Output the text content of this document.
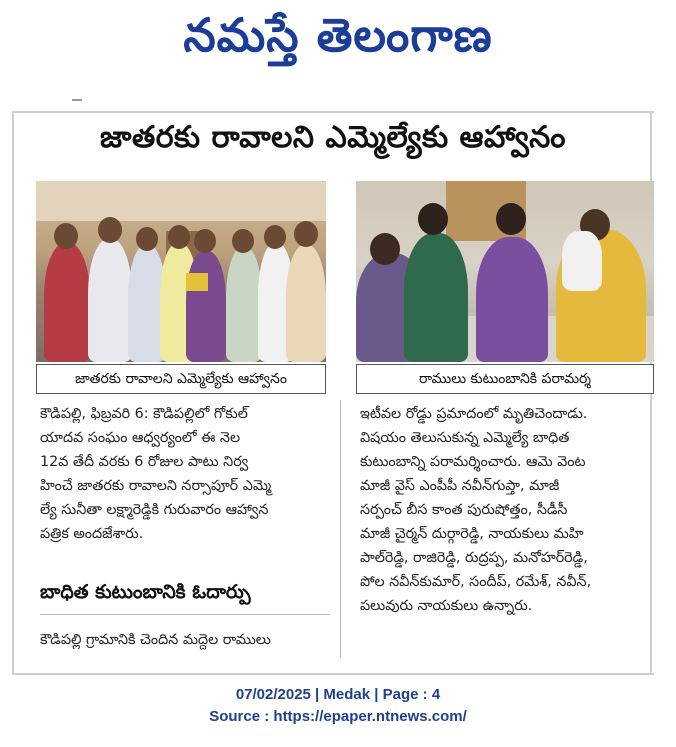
నమస్తే తెలంగాణ
జాతరకు రావాలని ఎమ్మెల్యేకు ఆహ్వానం
జాతరకు రావాలని ఎమ్మెల్యేకు ఆహ్వానం	రాములు కుటుంబానికి పరామర్శ
కౌడిపల్లి, ఫిబ్రవరి 6: కౌడిపల్లిలో గోకుల్
యాదవ సంఘం ఆధ్వర్యంలో ఈ నెల
12వ తేదీ వరకు 6 రోజుల పాటు నిర్వ
హించే జాతరకు రావాలని నర్సాపూర్ ఎమ్మె
ల్యే సునీతా లక్ష్మారెడ్డికి గురువారం ఆహ్వాన
పత్రిక అందజేశారు.
బాధిత కుటుంబానికి ఓదార్పు
కౌడిపల్లి గ్రామానికి చెందిన మద్దెల రాములు
ఇటీవల రోడ్డు ప్రమాదంలో మృతిచెందాడు.
విషయం తెలుసుకున్న ఎమ్మెల్యే బాధిత
కుటుంబాన్ని పరామర్శించారు. ఆమె వెంట
మాజీ వైస్ ఎంపీపీ నవీన్‌గుప్తా, మాజీ
సర్పంచ్ బీస కాంత పురుషోత్తం, సీడీసీ
మాజీ చైర్మన్ దుర్గారెడ్డి, నాయకులు మహి
పాల్‌రెడ్డి, రాజిరెడ్డి, రుద్రప్ప, మనోహర్‌రెడ్డి,
పోల నవీన్‌కుమార్, సందీప్, రమేశ్, నవీన్,
పలువురు నాయకులు ఉన్నారు.
07/02/2025 | Medak | Page : 4
Source : https://epaper.ntnews.com/
